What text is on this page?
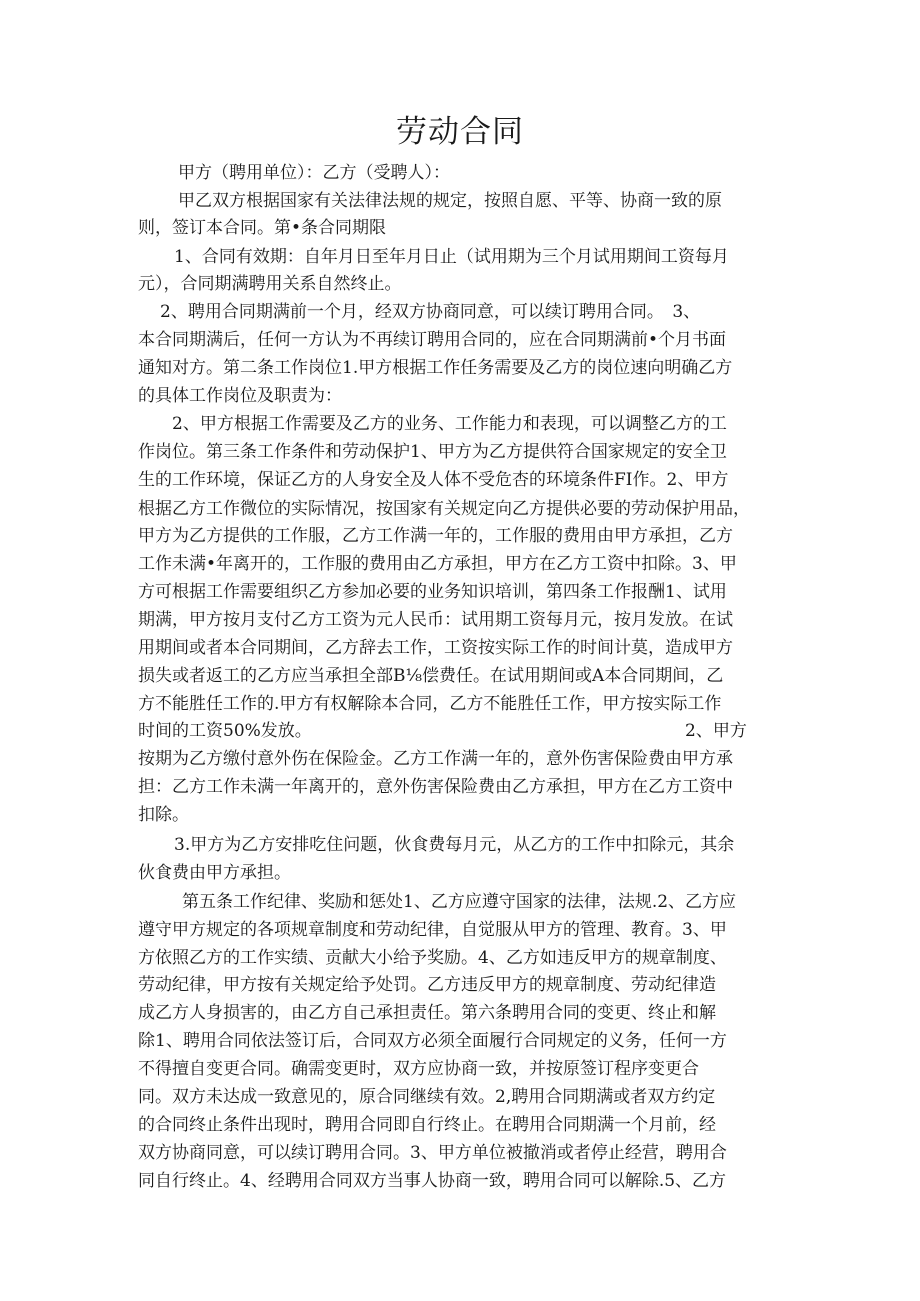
劳动合同
甲方（聘用单位）：乙方（受聘人）：
甲乙双方根据国家有关法律法规的规定，按照自愿、平等、协商一致的原
则，签订本合同。第•条合同期限
1、合同有效期：自年月日至年月日止（试用期为三个月试用期间工资每月
元），合同期满聘用关系自然终止。
2、聘用合同期满前一个月，经双方协商同意，可以续订聘用合同。　3、
本合同期满后，任何一方认为不再续订聘用合同的，应在合同期满前•个月书面
通知对方。第二条工作岗位1.甲方根据工作任务需要及乙方的岗位速向明确乙方
的具体工作岗位及职责为：
2、甲方根据工作需要及乙方的业务、工作能力和表现，可以调整乙方的工
作岗位。第三条工作条件和劳动保护1、甲方为乙方提供符合国家规定的安全卫
生的工作环境，保证乙方的人身安全及人体不受危杏的环境条件FI作。2、甲方
根据乙方工作微位的实际情况，按国家有关规定向乙方提供必要的劳动保护用品，
甲方为乙方提供的工作服，乙方工作满一年的，工作服的费用由甲方承担，乙方
工作未满•年离开的，工作服的费用由乙方承担，甲方在乙方工资中扣除。3、甲
方可根据工作需要组织乙方参加必要的业务知识培训，第四条工作报酬1、试用
期满，甲方按月支付乙方工资为元人民币：试用期工资每月元，按月发放。在试
用期间或者本合同期间，乙方辞去工作，工资按实际工作的时间计莫，造成甲方
损失或者返工的乙方应当承担全部B⅛偿费任。在试用期间或A本合同期间，乙
方不能胜任工作的.甲方有权解除本合同，乙方不能胜任工作，甲方按实际工作
时间的工资50%发放。	2、甲方
按期为乙方缴付意外伤在保险金。乙方工作满一年的，意外伤害保险费由甲方承
担：乙方工作未满一年离开的，意外伤害保险费由乙方承担，甲方在乙方工资中
扣除。
3.甲方为乙方安排吃住问题，伙食费每月元，从乙方的工作中扣除元，其余
伙食费由甲方承担。
第五条工作纪律、奖励和惩处1、乙方应遵守国家的法律，法规.2、乙方应
遵守甲方规定的各项规章制度和劳动纪律，自觉服从甲方的管理、教育。3、甲
方依照乙方的工作实绩、贡献大小给予奖励。4、乙方如违反甲方的规章制度、
劳动纪律，甲方按有关规定给予处罚。乙方违反甲方的规章制度、劳动纪律造
成乙方人身损害的，由乙方自己承担责任。第六条聘用合同的变更、终止和解
除1、聘用合同依法签订后，合同双方必须全面履行合同规定的义务，任何一方
不得擅自变更合同。确需变更时，双方应协商一致，并按原签订程序变更合
同。双方未达成一致意见的，原合同继续有效。2,聘用合同期满或者双方约定
的合同终止条件出现时，聘用合同即自行终止。在聘用合同期满一个月前，经
双方协商同意，可以续订聘用合同。3、甲方单位被撤消或者停止经营，聘用合
同自行终止。4、经聘用合同双方当事人协商一致，聘用合同可以解除.5、乙方
